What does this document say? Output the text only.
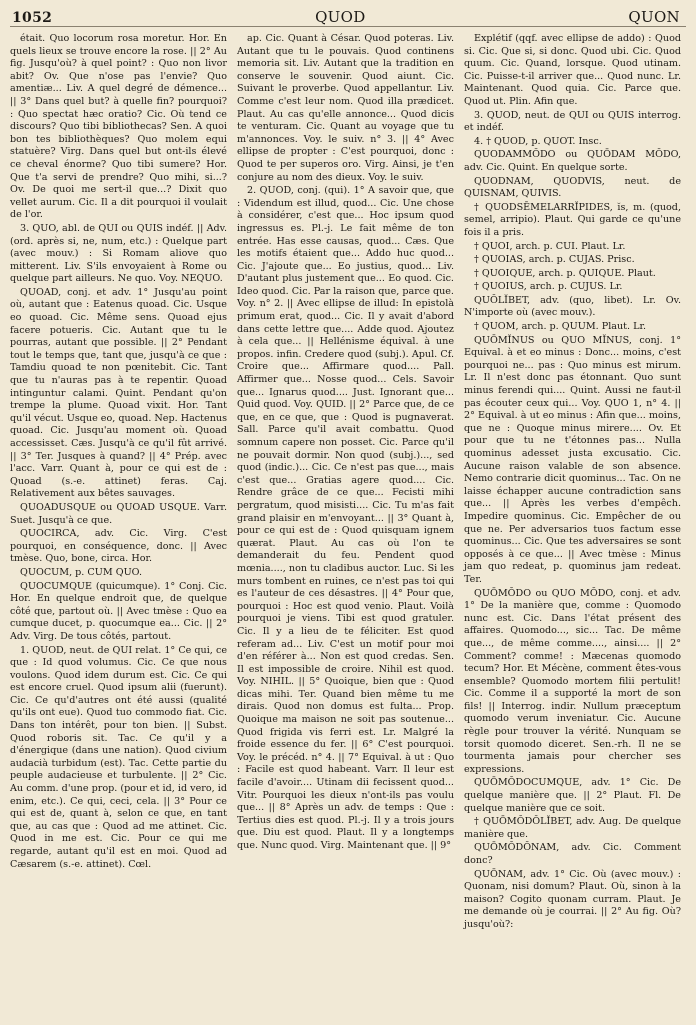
1052	QUOD	QUON

était. Quo locorum rosa moretur. Hor. En quels lieux se trouve encore la rose. || 2° Au fig. Jusqu'où? à quel point? : Quo non livor abit? Ov. Que n'ose pas l'envie? Quo amentiæ... Liv. A quel degré de démence... || 3° Dans quel but? à quelle fin? pourquoi? : Quo spectat hæc oratio? Cic. Où tend ce discours? Quo tibi bibliothecas? Sen. A quoi bon tes bibliothèques? Quo molem equi statuère? Virg. Dans quel but ont-ils élevé ce cheval énorme? Quo tibi sumere? Hor. Que t'a servi de prendre? Quo mihi, si...? Ov. De quoi me sert-il que...? Dixit quo vellet aurum. Cic. Il a dit pourquoi il voulait de l'or.

3. QUO, abl. de QUI ou QUIS indéf. || Adv. (ord. après si, ne, num, etc.) : Quelque part (avec mouv.) : Si Romam aliove quo mitterent. Liv. S'ils envoyaient à Rome ou quelque part ailleurs. Ne quo. Voy. NEQUO.

QUOAD, conj. et adv. 1° Jusqu'au point où, autant que : Eatenus quoad. Cic. Usque eo quoad. Cic. Même sens. Quoad ejus facere potueris. Cic. Autant que tu le pourras, autant que possible. || 2° Pendant tout le temps que, tant que, jusqu'à ce que : Tamdiu quoad te non pœnitebit. Cic. Tant que tu n'auras pas à te repentir. Quoad intinguntur calami. Quint. Pendant qu'on trempe la plume. Quoad vixit. Hor. Tant qu'il vécut. Usque eo, quoad. Nep. Hactenus quoad. Cic. Jusqu'au moment où. Quoad accessisset. Cæs. Jusqu'à ce qu'il fût arrivé. || 3° Ter. Jusques à quand? || 4° Prép. avec l'acc. Varr. Quant à, pour ce qui est de : Quoad (s.-e. attinet) feras. Caj. Relativement aux bêtes sauvages.

QUOADUSQUE ou QUOAD USQUE. Varr. Suet. Jusqu'à ce que.

QUOCIRCA, adv. Cic. Virg. C'est pourquoi, en conséquence, donc. || Avec tmèse. Quo, bone, circa. Hor.

QUOCUM, p. CUM QUO.

QUOCUMQUE (quicumque). 1° Conj. Cic. Hor. En quelque endroit que, de quelque côté que, partout où. || Avec tmèse : Quo ea cumque ducet, p. quocumque ea... Cic. || 2° Adv. Virg. De tous côtés, partout.

1. QUOD, neut. de QUI relat. 1° Ce qui, ce que : Id quod volumus. Cic. Ce que nous voulons. Quod idem durum est. Cic. Ce qui est encore cruel. Quod ipsum alii (fuerunt). Cic. Ce qu'd'autres ont été aussi (qualité qu'ils ont eue). Quod tuo commodo fiat. Cic. Dans ton intérêt, pour ton bien. || Subst. Quod roboris sit. Tac. Ce qu'il y a d'énergique (dans une nation). Quod civium audacià turbidum (est). Tac. Cette partie du peuple audacieuse et turbulente. || 2° Cic. Au comm. d'une prop. (pour et id, id vero, id enim, etc.). Ce qui, ceci, cela. || 3° Pour ce qui est de, quant à, selon ce que, en tant que, au cas que : Quod ad me attinet. Cic. Quod in me est. Cic. Pour ce qui me regarde, autant qu'il est en moi. Quod ad Cæsarem (s.-e. attinet). Cœl.

ap. Cic. Quant à César. Quod poteras. Liv. Autant que tu le pouvais. Quod continens memoria sit. Liv. Autant que la tradition en conserve le souvenir. Quod aiunt. Cic. Suivant le proverbe. Quod appellantur. Liv. Comme c'est leur nom. Quod illa prædicet. Plaut. Au cas qu'elle annonce... Quod dicis te venturam. Cic. Quant au voyage que tu m'annonces. Voy. le suiv. n° 3. || 4° Avec ellipse de propter : C'est pourquoi, donc : Quod te per superos oro. Virg. Ainsi, je t'en conjure au nom des dieux. Voy. le suiv.

2. QUOD, conj. (qui). 1° A savoir que, que : Videndum est illud, quod... Cic. Une chose à considérer, c'est que... Hoc ipsum quod ingressus es. Pl.-j. Le fait même de ton entrée. Has esse causas, quod... Cæs. Que les motifs étaient que... Addo huc quod... Cic. J'ajoute que... Eo justius, quod... Liv. D'autant plus justement que... Eo quod. Cic. Ideo quod. Cic. Par la raison que, parce que. Voy. n° 2. || Avec ellipse de illud: In epistolà primum erat, quod... Cic. Il y avait d'abord dans cette lettre que.... Adde quod. Ajoutez à cela que... || Hellénisme équival. à une propos. infin. Credere quod (subj.). Apul. Cf. Croire que... Affirmare quod.... Pall. Affirmer que... Nosse quod... Cels. Savoir que... Ignarus quod.... Just. Ignorant que... Quid quod. Voy. QUID. || 2° Parce que, de ce que, en ce que, que : Quod is pugnaverat. Sall. Parce qu'il avait combattu. Quod somnum capere non posset. Cic. Parce qu'il ne pouvait dormir. Non quod (subj.)..., sed quod (indic.)... Cic. Ce n'est pas que..., mais c'est que... Gratias agere quod.... Cic. Rendre grâce de ce que... Fecisti mihi pergratum, quod misisti.... Cic. Tu m'as fait grand plaisir en m'envoyant... || 3° Quant à, pour ce qui est de : Quod quisquam ignem quærat. Plaut. Au cas où l'on te demanderait du feu. Pendent quod mœnia...., non tu cladibus auctor. Luc. Si les murs tombent en ruines, ce n'est pas toi qui es l'auteur de ces désastres. || 4° Pour que, pourquoi : Hoc est quod venio. Plaut. Voilà pourquoi je viens. Tibi est quod gratuler. Cic. Il y a lieu de te féliciter. Est quod referam ad... Liv. C'est un motif pour moi d'en référer à... Non est quod credas. Sen. Il est impossible de croire. Nihil est quod. Voy. NIHIL. || 5° Quoique, bien que : Quod dicas mihi. Ter. Quand bien même tu me dirais. Quod non domus est fulta... Prop. Quoique ma maison ne soit pas soutenue... Quod frigida vis ferri est. Lr. Malgré la froide essence du fer. || 6° C'est pourquoi. Voy. le précéd. n° 4. || 7° Equival. à ut : Quo : Facile est quod habeant. Varr. Il leur est facile d'avoir.... Utinam dii fecissent quod... Vitr. Pourquoi les dieux n'ont-ils pas voulu que... || 8° Après un adv. de temps : Que : Tertius dies est quod. Pl.-j. Il y a trois jours que. Diu est quod. Plaut. Il y a longtemps que. Nunc quod. Virg. Maintenant que. || 9°

Explétif (qqf. avec ellipse de addo) : Quod si. Cic. Que si, si donc. Quod ubi. Cic. Quod quum. Cic. Quand, lorsque. Quod utinam. Cic. Puisse-t-il arriver que... Quod nunc. Lr. Maintenant. Quod quia. Cic. Parce que. Quod ut. Plin. Afin que.

3. QUOD, neut. de QUI ou QUIS interrog. et indéf.

4. † QUOD, p. QUOT. Insc.

QUODAMMŎDO ou QUŌDAM MŎDO, adv. Cic. Quint. En quelque sorte.

QUODNAM, QUODVIS, neut. de QUISNAM, QUIVIS.

† QUODSĒMELARRĬPIDES, ĭs, m. (quod, semel, arripio). Plaut. Qui garde ce qu'une fois il a pris.

† QUOI, arch. p. CUI. Plaut. Lr.

† QUOIAS, arch. p. CUJAS. Prisc.

† QUOIQUE, arch. p. QUIQUE. Plaut.

† QUOIUS, arch. p. CUJUS. Lr.

QUŎLĬBET, adv. (quo, libet). Lr. Ov. N'importe où (avec mouv.).

† QUOM, arch. p. QUUM. Plaut. Lr.

QUŌMĬNUS ou QUO MĬNUS, conj. 1° Equival. à et eo minus : Donc... moins, c'est pourquoi ne... pas : Quo minus est mirum. Lr. Il n'est donc pas étonnant. Quo sunt minus ferendi qui.... Quint. Aussi ne faut-il pas écouter ceux qui... Voy. QUO 1, n° 4. || 2° Equival. à ut eo minus : Afin que... moins, que ne : Quoque minus mirere.... Ov. Et pour que tu ne t'étonnes pas... Nulla quominus adesset justa excusatio. Cic. Aucune raison valable de son absence. Nemo contrarie dicit quominus... Tac. On ne laisse échapper aucune contradiction sans que... || Après les verbes d'empêch. Impedire quominus. Cic. Empêcher de ou que ne. Per adversarios tuos factum esse quominus... Cic. Que tes adversaires se sont opposés à ce que... || Avec tmèse : Minus jam quo redeat, p. quominus jam redeat. Ter.

QUŌMŎDO ou QUO MŎDO, conj. et adv. 1° De la manière que, comme : Quomodo nunc est. Cic. Dans l'état présent des affaires. Quomodo..., sic... Tac. De même que..., de même comme...., ainsi.... || 2° Comment? comme! : Mæcenas quomodo tecum? Hor. Et Mécène, comment êtes-vous ensemble? Quomodo mortem filii pertulit! Cic. Comme il a supporté la mort de son fils! || Interrog. indir. Nullum præceptum quomodo verum inveniatur. Cic. Aucune règle pour trouver la vérité. Nunquam se torsit quomodo diceret. Sen.-rh. Il ne se tourmenta jamais pour chercher ses expressions.

QUŌMŎDOCUMQUE, adv. 1° Cic. De quelque manière que. || 2° Plaut. Fl. De quelque manière que ce soit.

† QUŌMŎDŎLĬBET, adv. Aug. De quelque manière que.

QUŌMŎDŎNAM, adv. Cic. Comment donc?

QUŌNAM, adv. 1° Cic. Où (avec mouv.) : Quonam, nisi domum? Plaut. Où, sinon à la maison? Cogito quonam curram. Plaut. Je me demande où je courrai. || 2° Au fig. Où? jusqu'où?:
